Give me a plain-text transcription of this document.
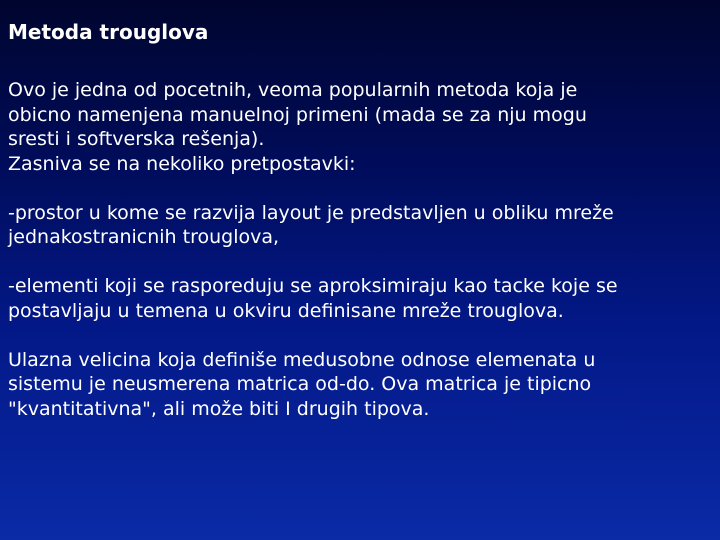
Metoda trouglova

Ovo je jedna od pocetnih, veoma popularnih metoda koja je
obicno namenjena manuelnoj primeni (mada se za nju mogu
sresti i softverska rešenja).
Zasniva se na nekoliko pretpostavki:

-prostor u kome se razvija layout je predstavljen u obliku mreže
jednakostranicnih trouglova,

-elementi koji se rasporeduju se aproksimiraju kao tacke koje se
postavljaju u temena u okviru definisane mreže trouglova.

Ulazna velicina koja definiše medusobne odnose elemenata u
sistemu je neusmerena matrica od-do. Ova matrica je tipicno
"kvantitativna", ali može biti I drugih tipova.
